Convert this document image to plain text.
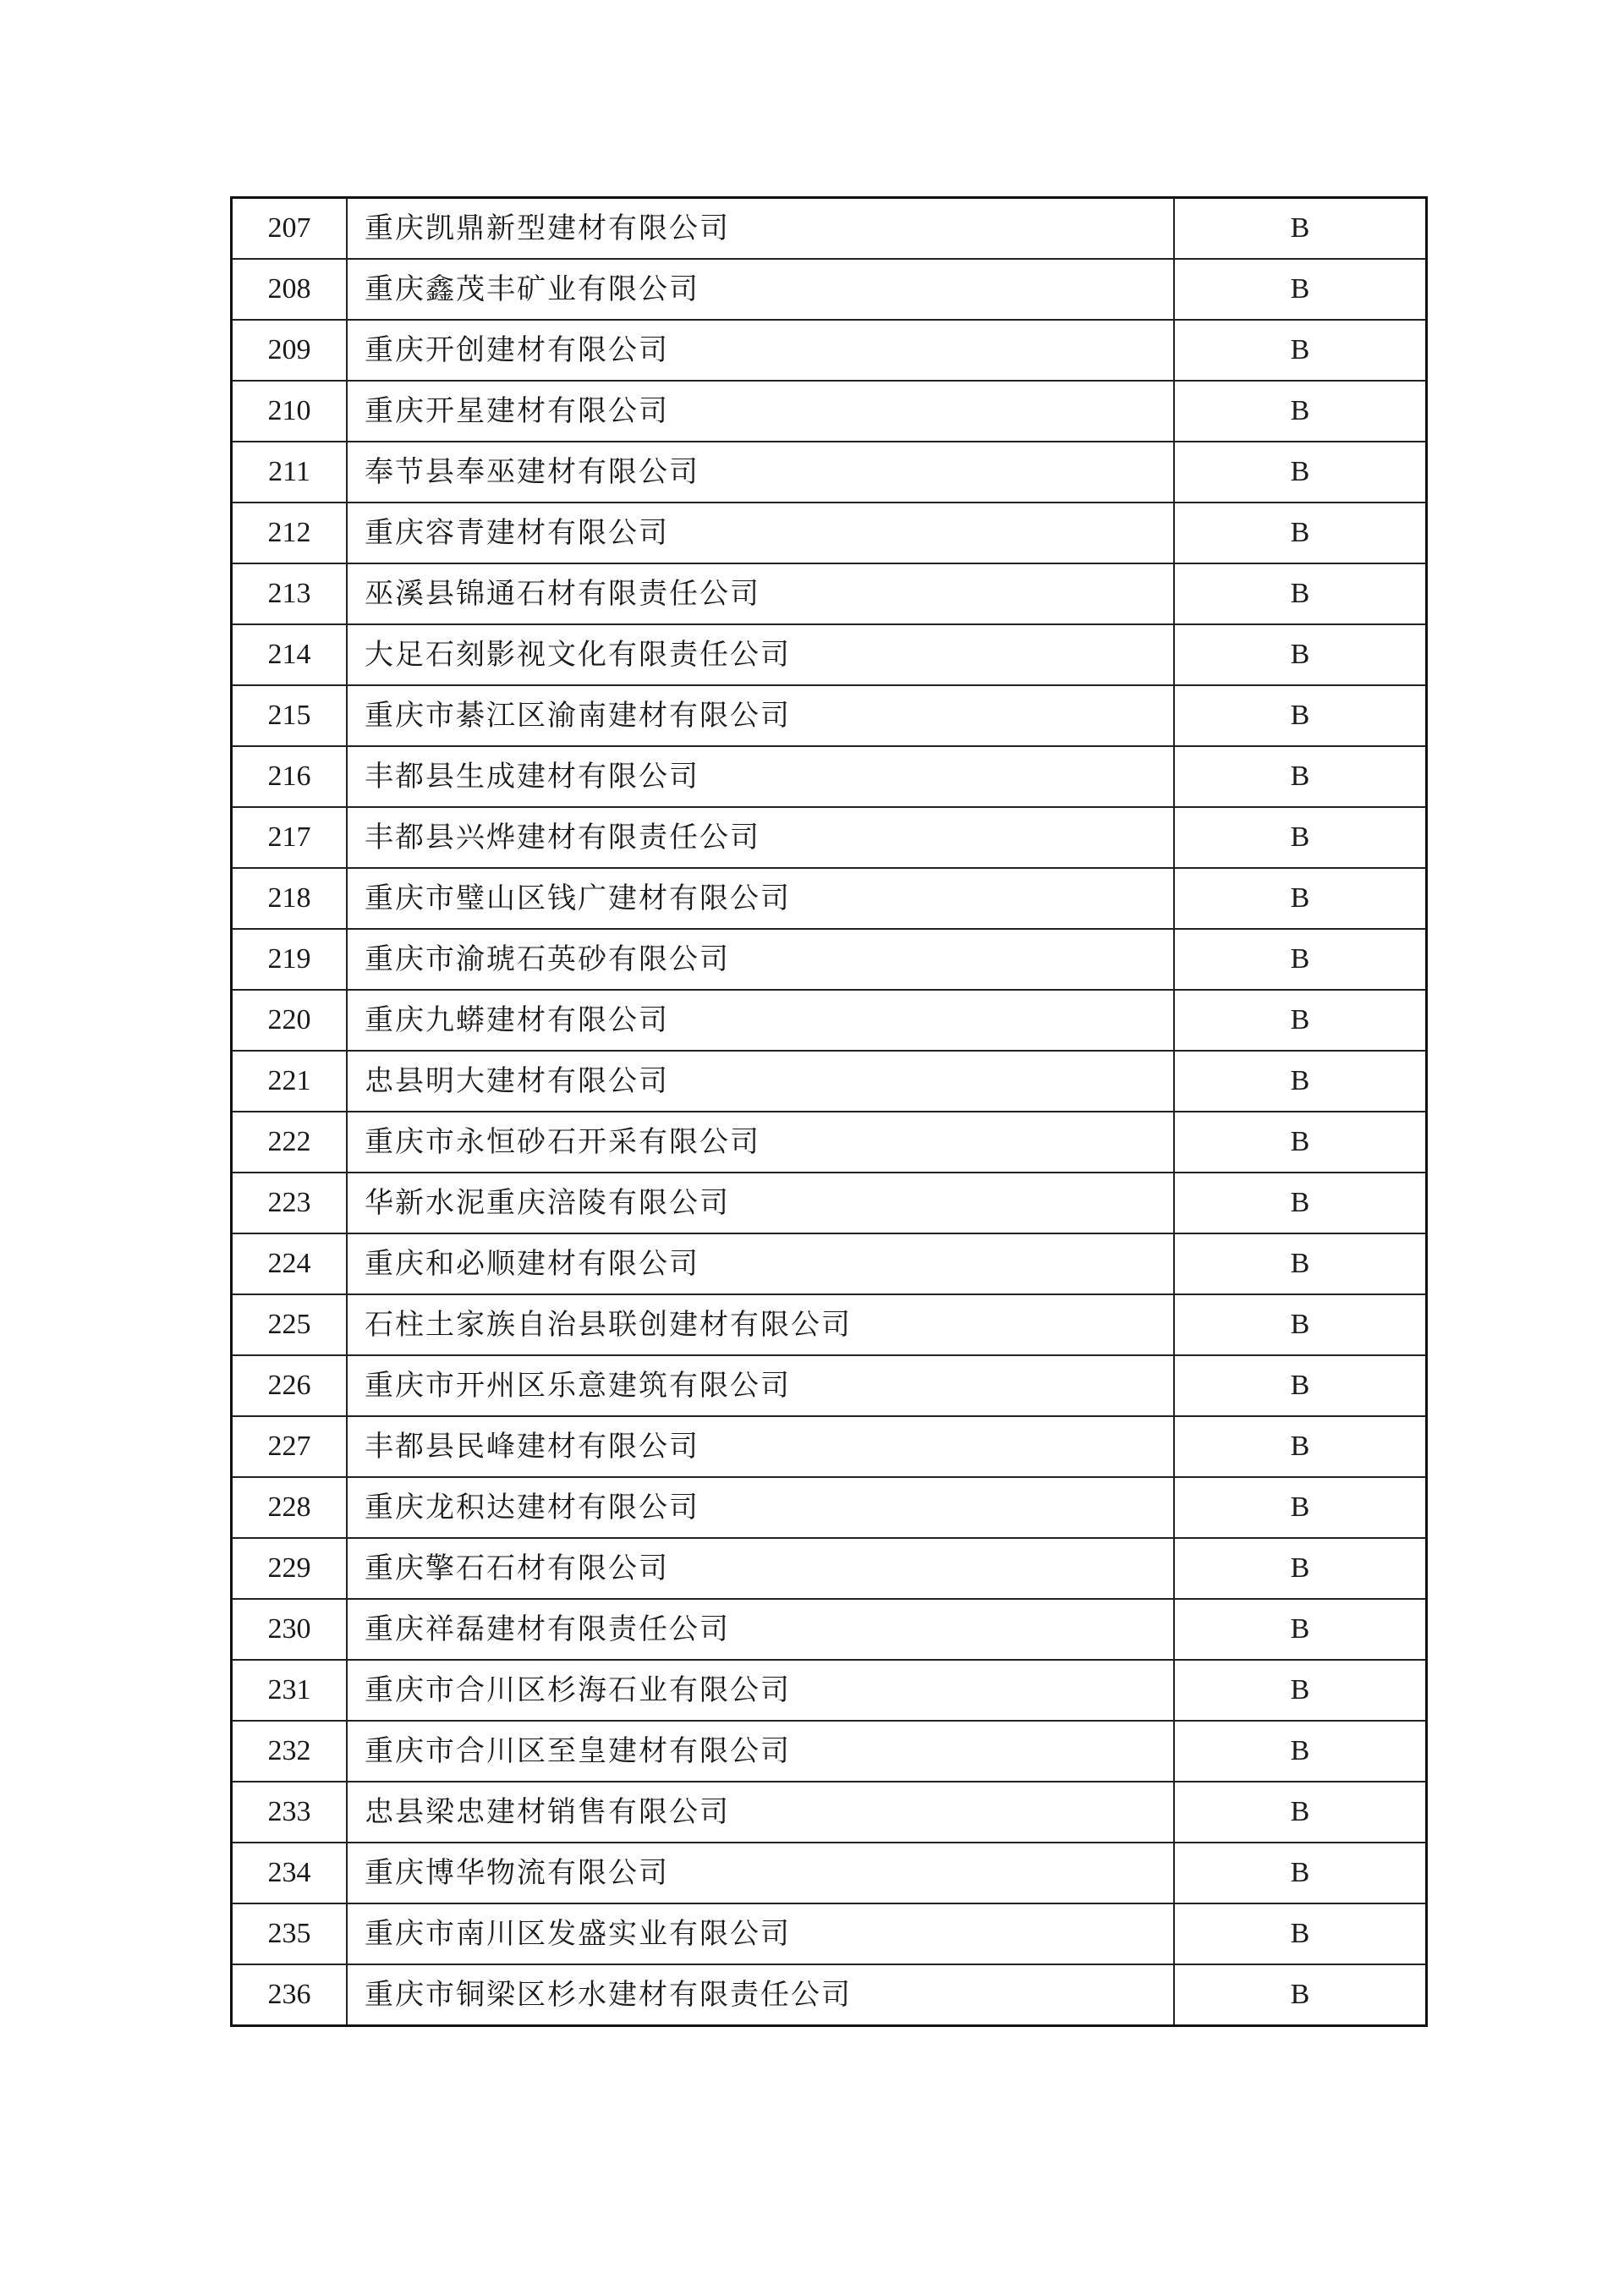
207	重庆凯鼎新型建材有限公司	B
208	重庆鑫茂丰矿业有限公司	B
209	重庆开创建材有限公司	B
210	重庆开星建材有限公司	B
211	奉节县奉巫建材有限公司	B
212	重庆容青建材有限公司	B
213	巫溪县锦通石材有限责任公司	B
214	大足石刻影视文化有限责任公司	B
215	重庆市綦江区渝南建材有限公司	B
216	丰都县生成建材有限公司	B
217	丰都县兴烨建材有限责任公司	B
218	重庆市璧山区钱广建材有限公司	B
219	重庆市渝琥石英砂有限公司	B
220	重庆九蟒建材有限公司	B
221	忠县明大建材有限公司	B
222	重庆市永恒砂石开采有限公司	B
223	华新水泥重庆涪陵有限公司	B
224	重庆和必顺建材有限公司	B
225	石柱土家族自治县联创建材有限公司	B
226	重庆市开州区乐意建筑有限公司	B
227	丰都县民峰建材有限公司	B
228	重庆龙积达建材有限公司	B
229	重庆擎石石材有限公司	B
230	重庆祥磊建材有限责任公司	B
231	重庆市合川区杉海石业有限公司	B
232	重庆市合川区至皇建材有限公司	B
233	忠县梁忠建材销售有限公司	B
234	重庆博华物流有限公司	B
235	重庆市南川区发盛实业有限公司	B
236	重庆市铜梁区杉水建材有限责任公司	B
